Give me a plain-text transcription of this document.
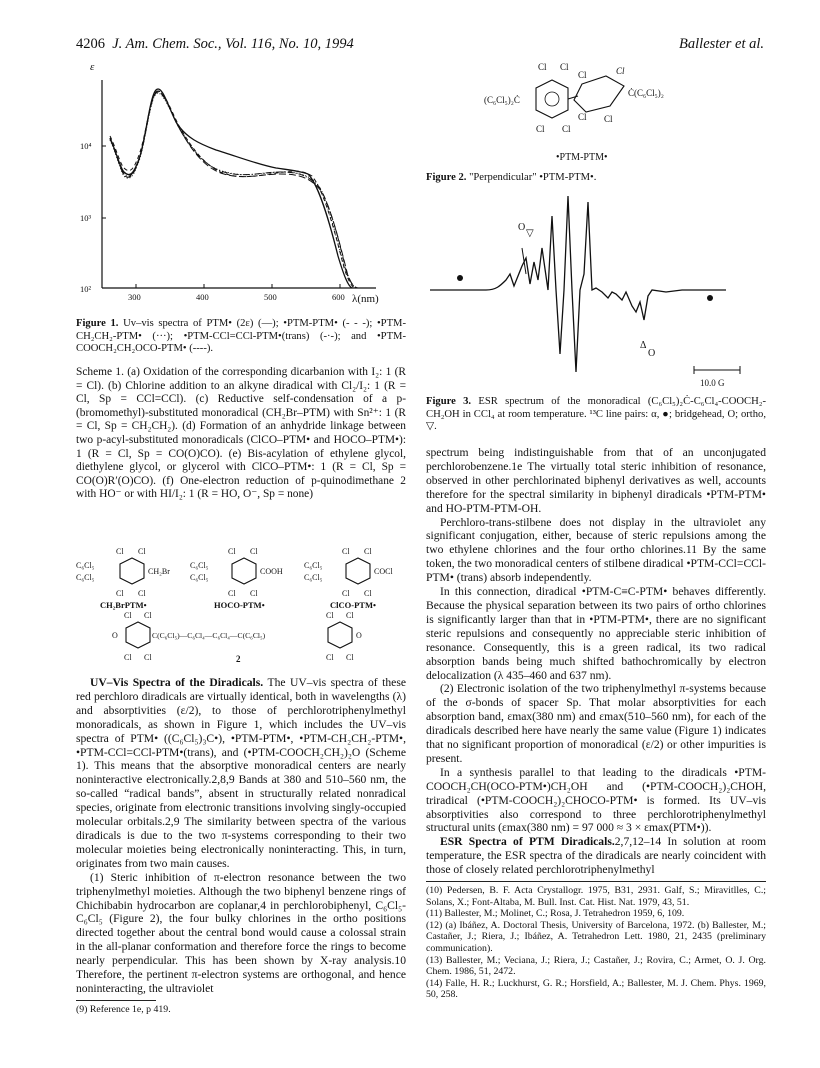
4206 J. Am. Chem. Soc., Vol. 116, No. 10, 1994	Ballester et al.
ε
10⁴
10³
10²
300	400	500	600 λ(nm)
Figure 1. Uv–vis spectra of PTM• (2ε) (—); •PTM-PTM• (- - -); •PTM-CH₂CH₂-PTM• (···); •PTM-CCl=CCl-PTM•(trans) (-·-); and •PTM-COOCH₂CH₂OCO-PTM• (----).
Scheme 1. (a) Oxidation of the corresponding dicarbanion with I₂: 1 (R = Cl). (b) Chlorine addition to an alkyne diradical with Cl₂/I₂: 1 (R = Cl, Sp = CCl=CCl). (c) Reductive self-condensation of a p-(bromomethyl)-substituted monoradical (CH₂Br–PTM) with Sn²⁺: 1 (R = Cl, Sp = CH₂CH₂). (d) Formation of an anhydride linkage between two p-acyl-substituted monoradicals (ClCO–PTM• and HOCO–PTM•): 1 (R = Cl, Sp = CO(O)CO). (e) Bis-acylation of ethylene glycol, diethylene glycol, or glycerol with ClCO–PTM•: 1 (R = Cl, Sp = CO(O)R′(O)CO). (f) One-electron reduction of p-quinodimethane 2 with HO⁻ or with HI/I₂: 1 (R = HO, O⁻, Sp = none)
Cl Cl
Cl Cl
C₆Cl₅
C₆Cl₅
CH₂Br
CH₂BrPTM•
Cl Cl
Cl Cl
C₆Cl₅
C₆Cl₅
COOH
HOCO-PTM•
Cl Cl
Cl Cl
C₆Cl₅
C₆Cl₅
COCl
ClCO-PTM•
Cl Cl
Cl Cl
Cl Cl
Cl Cl
O	O
C(C₆Cl₅)—C₆Cl₄—C₆Cl₄—C(C₆Cl₅)
2

UV–Vis Spectra of the Diradicals. The UV–vis spectra of these red perchloro diradicals are virtually identical, both in wavelengths (λ) and absorptivities (ε/2), to those of perchlorotriphenylmethyl monoradicals, as shown in Figure 1, which includes the UV–vis spectra of PTM• ((C₆Cl₅)₃C•), •PTM-PTM•, •PTM-CH₂CH₂-PTM•, •PTM-CCl=CCl-PTM•(trans), and (•PTM-COOCH₂CH₂)₂O (Scheme 1). This means that the absorptive monoradical centers are nearly noninteractive electronically.2,8,9 Bands at 380 and 510–560 nm, the so-called “radical bands”, absent in structurally related nonradical species, originate from electronic transitions involving singly-occupied molecular orbitals.2,9 The similarity between spectra of the various diradicals is due to the two π-systems corresponding to their two molecular moieties being electronically noninteracting. This, in turn, originates from two main causes.

(1) Steric inhibition of π-electron resonance between the two triphenylmethyl moieties. Although the two biphenyl benzene rings of Chichibabin hydrocarbon are coplanar,4 in perchlorobiphenyl, C₆Cl₅-C₆Cl₅ (Figure 2), the four bulky chlorines in the ortho positions directed together about the central bond would cause a colossal strain in the all-planar conformation and therefore force the rings to become nearly perpendicular. This has been shown by X-ray analysis.10 Therefore, the pertinent π-electron systems are orthogonal, and hence noninteracting, the ultraviolet

(9) Reference 1e, p 419.
Cl Cl
Cl Cl
Cl	Cl
Cl
Cl
(C₆Cl₅)₂Ċ
Ċ(C₆Cl₅)₂
•PTM-PTM•
Figure 2. "Perpendicular" •PTM-PTM•.
O
▽
Δ
O
10.0 G
Figure 3. ESR spectrum of the monoradical (C₆Cl₅)₂Ċ-C₆Cl₄-COOCH₂-CH₂OH in CCl₄ at room temperature. ¹³C line pairs: α, ●; bridgehead, O; ortho, ▽.

spectrum being indistinguishable from that of an unconjugated perchlorobenzene.1e The virtually total steric inhibition of resonance, observed in other perchlorinated biphenyl derivatives as well, accounts therefore for the spectral similarity in biphenyl diradicals •PTM-PTM• and HO-PTM-PTM-OH.

Perchloro-trans-stilbene does not display in the ultraviolet any significant conjugation, either, because of steric repulsions among the two ethylene chlorines and the four ortho chlorines.11 By the same token, the two monoradical centers of stilbene diradical •PTM-CCl=CCl-PTM• (trans) absorb independently.

In this connection, diradical •PTM-C≡C-PTM• behaves differently. Because the physical separation between its two pairs of ortho chlorines is significantly larger than that in •PTM-PTM•, there are no significant steric repulsions and consequently no appreciable steric inhibition of resonance. Consequently, this is a green radical, its two radical absorption bands being much shifted bathochromically by electron delocalization (λ 435–460 and 637 nm).

(2) Electronic isolation of the two triphenylmethyl π-systems because of the σ-bonds of spacer Sp. That molar absorptivities for each absorption band, εmax(380 nm) and εmax(510–560 nm), for each of the diradicals described here have nearly the same value (Figure 1) indicates that no significant proportion of monoradical (ε/2) or other impurities is present.

In a synthesis parallel to that leading to the diradicals •PTM-COOCH₂CH(OCO-PTM•)CH₂OH and (•PTM-COOCH₂)₂CHOH, triradical (•PTM-COOCH₂)₂CHOCO-PTM• is formed. Its UV–vis absorptivities also correspond to three perchlorotriphenylmethyl structural units (εmax(380 nm) = 97 000 ≈ 3 × εmax(PTM•)).

ESR Spectra of PTM Diradicals.2,7,12–14 In solution at room temperature, the ESR spectra of the diradicals are nearly coincident with those of closely related perchlorotriphenylmethyl

(10) Pedersen, B. F. Acta Crystallogr. 1975, B31, 2931. Galf, S.; Miravitlles, C.; Solans, X.; Font-Altaba, M. Bull. Inst. Cat. Hist. Nat. 1979, 43, 51.
(11) Ballester, M.; Molinet, C.; Rosa, J. Tetrahedron 1959, 6, 109.
(12) (a) Ibáñez, A. Doctoral Thesis, University of Barcelona, 1972. (b) Ballester, M.; Castañer, J.; Riera, J.; Ibáñez, A. Tetrahedron Lett. 1980, 21, 2435 (preliminary communication).
(13) Ballester, M.; Veciana, J.; Riera, J.; Castañer, J.; Rovira, C.; Armet, O. J. Org. Chem. 1986, 51, 2472.
(14) Falle, H. R.; Luckhurst, G. R.; Horsfield, A.; Ballester, M. J. Chem. Phys. 1969, 50, 258.
